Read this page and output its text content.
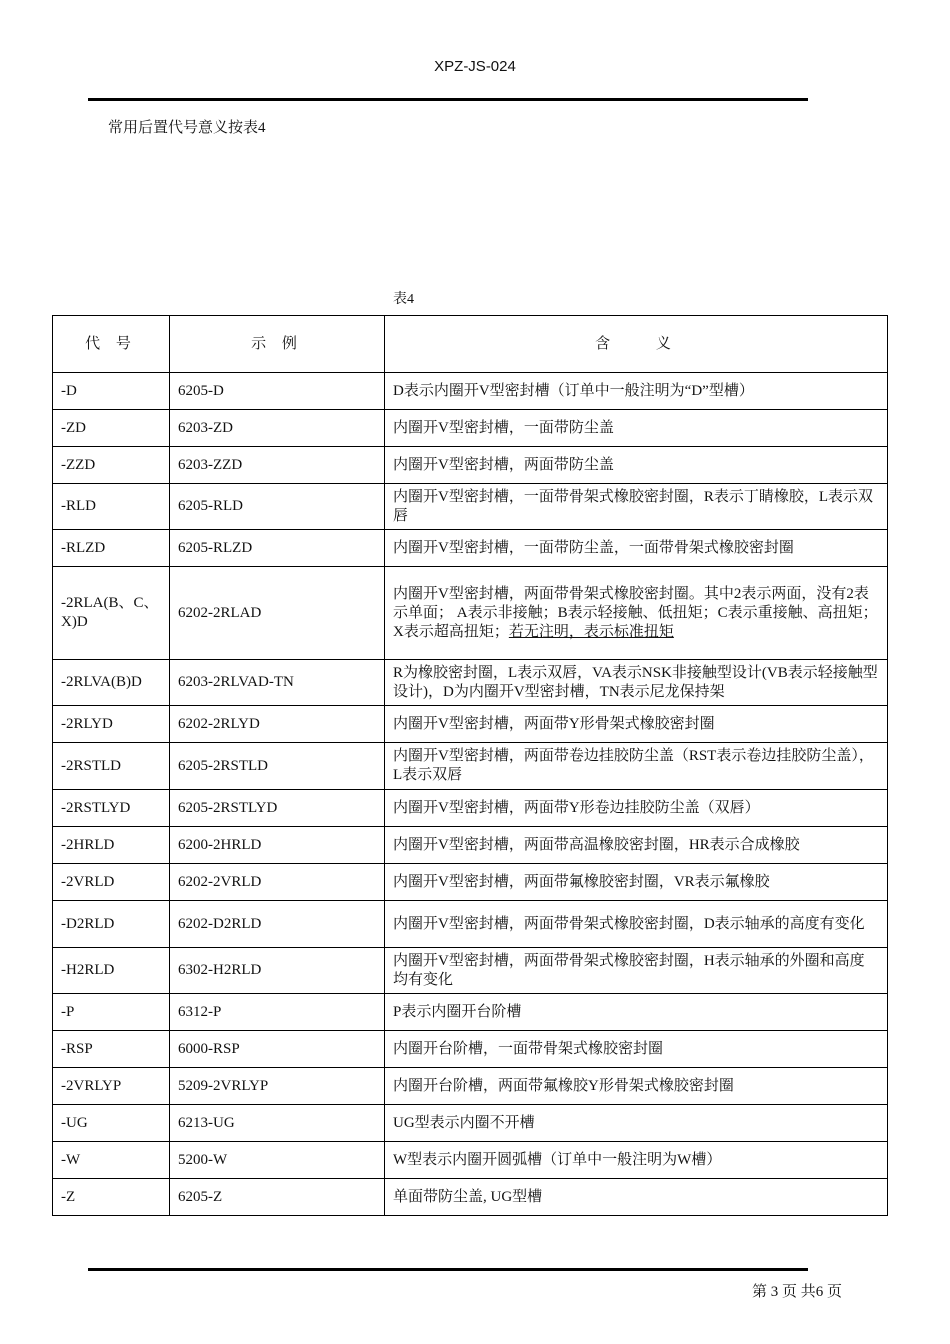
XPZ-JS-024
常用后置代号意义按表4
表4
代 号	示 例	含 义
-D	6205-D	D表示内圈开V型密封槽（订单中一般注明为“D”型槽）
-ZD	6203-ZD	内圈开V型密封槽，一面带防尘盖
-ZZD	6203-ZZD	内圈开V型密封槽，两面带防尘盖
-RLD	6205-RLD	内圈开V型密封槽，一面带骨架式橡胶密封圈，R表示丁睛橡胶，L表示双唇
-RLZD	6205-RLZD	内圈开V型密封槽，一面带防尘盖，一面带骨架式橡胶密封圈
-2RLA(B、C、X)D	6202-2RLAD	内圈开V型密封槽，两面带骨架式橡胶密封圈。其中2表示两面，没有2表示单面； A表示非接触；B表示轻接触、低扭矩；C表示重接触、高扭矩；X表示超高扭矩；若无注明，表示标准扭矩
-2RLVA(B)D	6203-2RLVAD-TN	R为橡胶密封圈，L表示双唇，VA表示NSK非接触型设计(VB表示轻接触型设计)，D为内圈开V型密封槽，TN表示尼龙保持架
-2RLYD	6202-2RLYD	内圈开V型密封槽，两面带Y形骨架式橡胶密封圈
-2RSTLD	6205-2RSTLD	内圈开V型密封槽，两面带卷边挂胶防尘盖（RST表示卷边挂胶防尘盖），L表示双唇
-2RSTLYD	6205-2RSTLYD	内圈开V型密封槽，两面带Y形卷边挂胶防尘盖（双唇）
-2HRLD	6200-2HRLD	内圈开V型密封槽，两面带高温橡胶密封圈，HR表示合成橡胶
-2VRLD	6202-2VRLD	内圈开V型密封槽，两面带氟橡胶密封圈，VR表示氟橡胶
-D2RLD	6202-D2RLD	内圈开V型密封槽，两面带骨架式橡胶密封圈，D表示轴承的高度有变化
-H2RLD	6302-H2RLD	内圈开V型密封槽，两面带骨架式橡胶密封圈，H表示轴承的外圈和高度均有变化
-P	6312-P	P表示内圈开台阶槽
-RSP	6000-RSP	内圈开台阶槽，一面带骨架式橡胶密封圈
-2VRLYP	5209-2VRLYP	内圈开台阶槽，两面带氟橡胶Y形骨架式橡胶密封圈
-UG	6213-UG	UG型表示内圈不开槽
-W	5200-W	W型表示内圈开圆弧槽（订单中一般注明为W槽）
-Z	6205-Z	单面带防尘盖, UG型槽
第 3 页 共6 页
